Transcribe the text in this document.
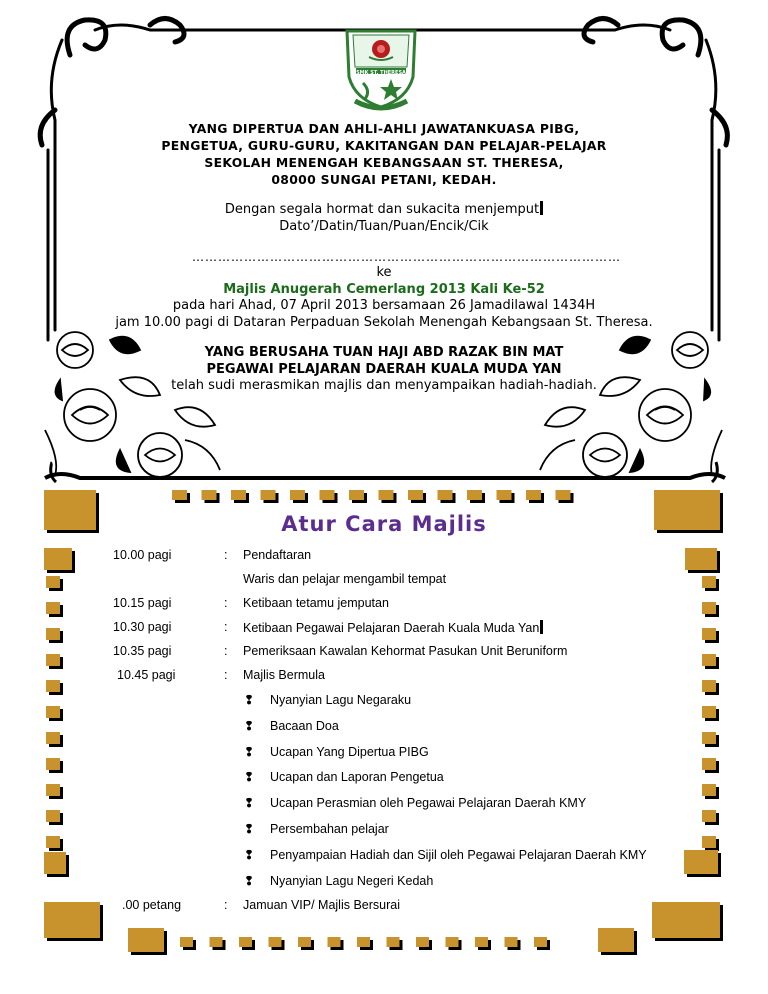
SMK ST. THERESA
YANG DIPERTUA DAN AHLI-AHLI JAWATANKUASA PIBG,
PENGETUA, GURU-GURU, KAKITANGAN DAN PELAJAR-PELAJAR
SEKOLAH MENENGAH KEBANGSAAN ST. THERESA,
08000 SUNGAI PETANI, KEDAH.
Dengan segala hormat dan sukacita menjemput
Dato’/Datin/Tuan/Puan/Encik/Cik
………………………………………………………………………………………
ke
Majlis Anugerah Cemerlang 2013 Kali Ke-52
pada hari Ahad, 07 April 2013 bersamaan 26 Jamadilawal 1434H
jam 10.00 pagi di Dataran Perpaduan Sekolah Menengah Kebangsaan St. Theresa.
YANG BERUSAHA TUAN HAJI ABD RAZAK BIN MAT
PEGAWAI PELAJARAN DAERAH KUALA MUDA YAN
telah sudi merasmikan majlis dan menyampaikan hadiah-hadiah.
Atur Cara Majlis
10.00 pagi	: Pendaftaran
Waris dan pelajar mengambil tempat
10.15 pagi	: Ketibaan tetamu jemputan
10.30 pagi	: Ketibaan Pegawai Pelajaran Daerah Kuala Muda Yan
10.35 pagi	: Pemeriksaan Kawalan Kehormat Pasukan Unit Beruniform
10.45 pagi	: Majlis Bermula
❢ Nyanyian Lagu Negaraku
❢ Bacaan Doa
❢ Ucapan Yang Dipertua PIBG
❢ Ucapan dan Laporan Pengetua
❢ Ucapan Perasmian oleh Pegawai Pelajaran Daerah KMY
❢ Persembahan pelajar
❢ Penyampaian Hadiah dan Sijil oleh Pegawai Pelajaran Daerah KMY
❢ Nyanyian Lagu Negeri Kedah
.00 petang	: Jamuan VIP/ Majlis Bersurai
